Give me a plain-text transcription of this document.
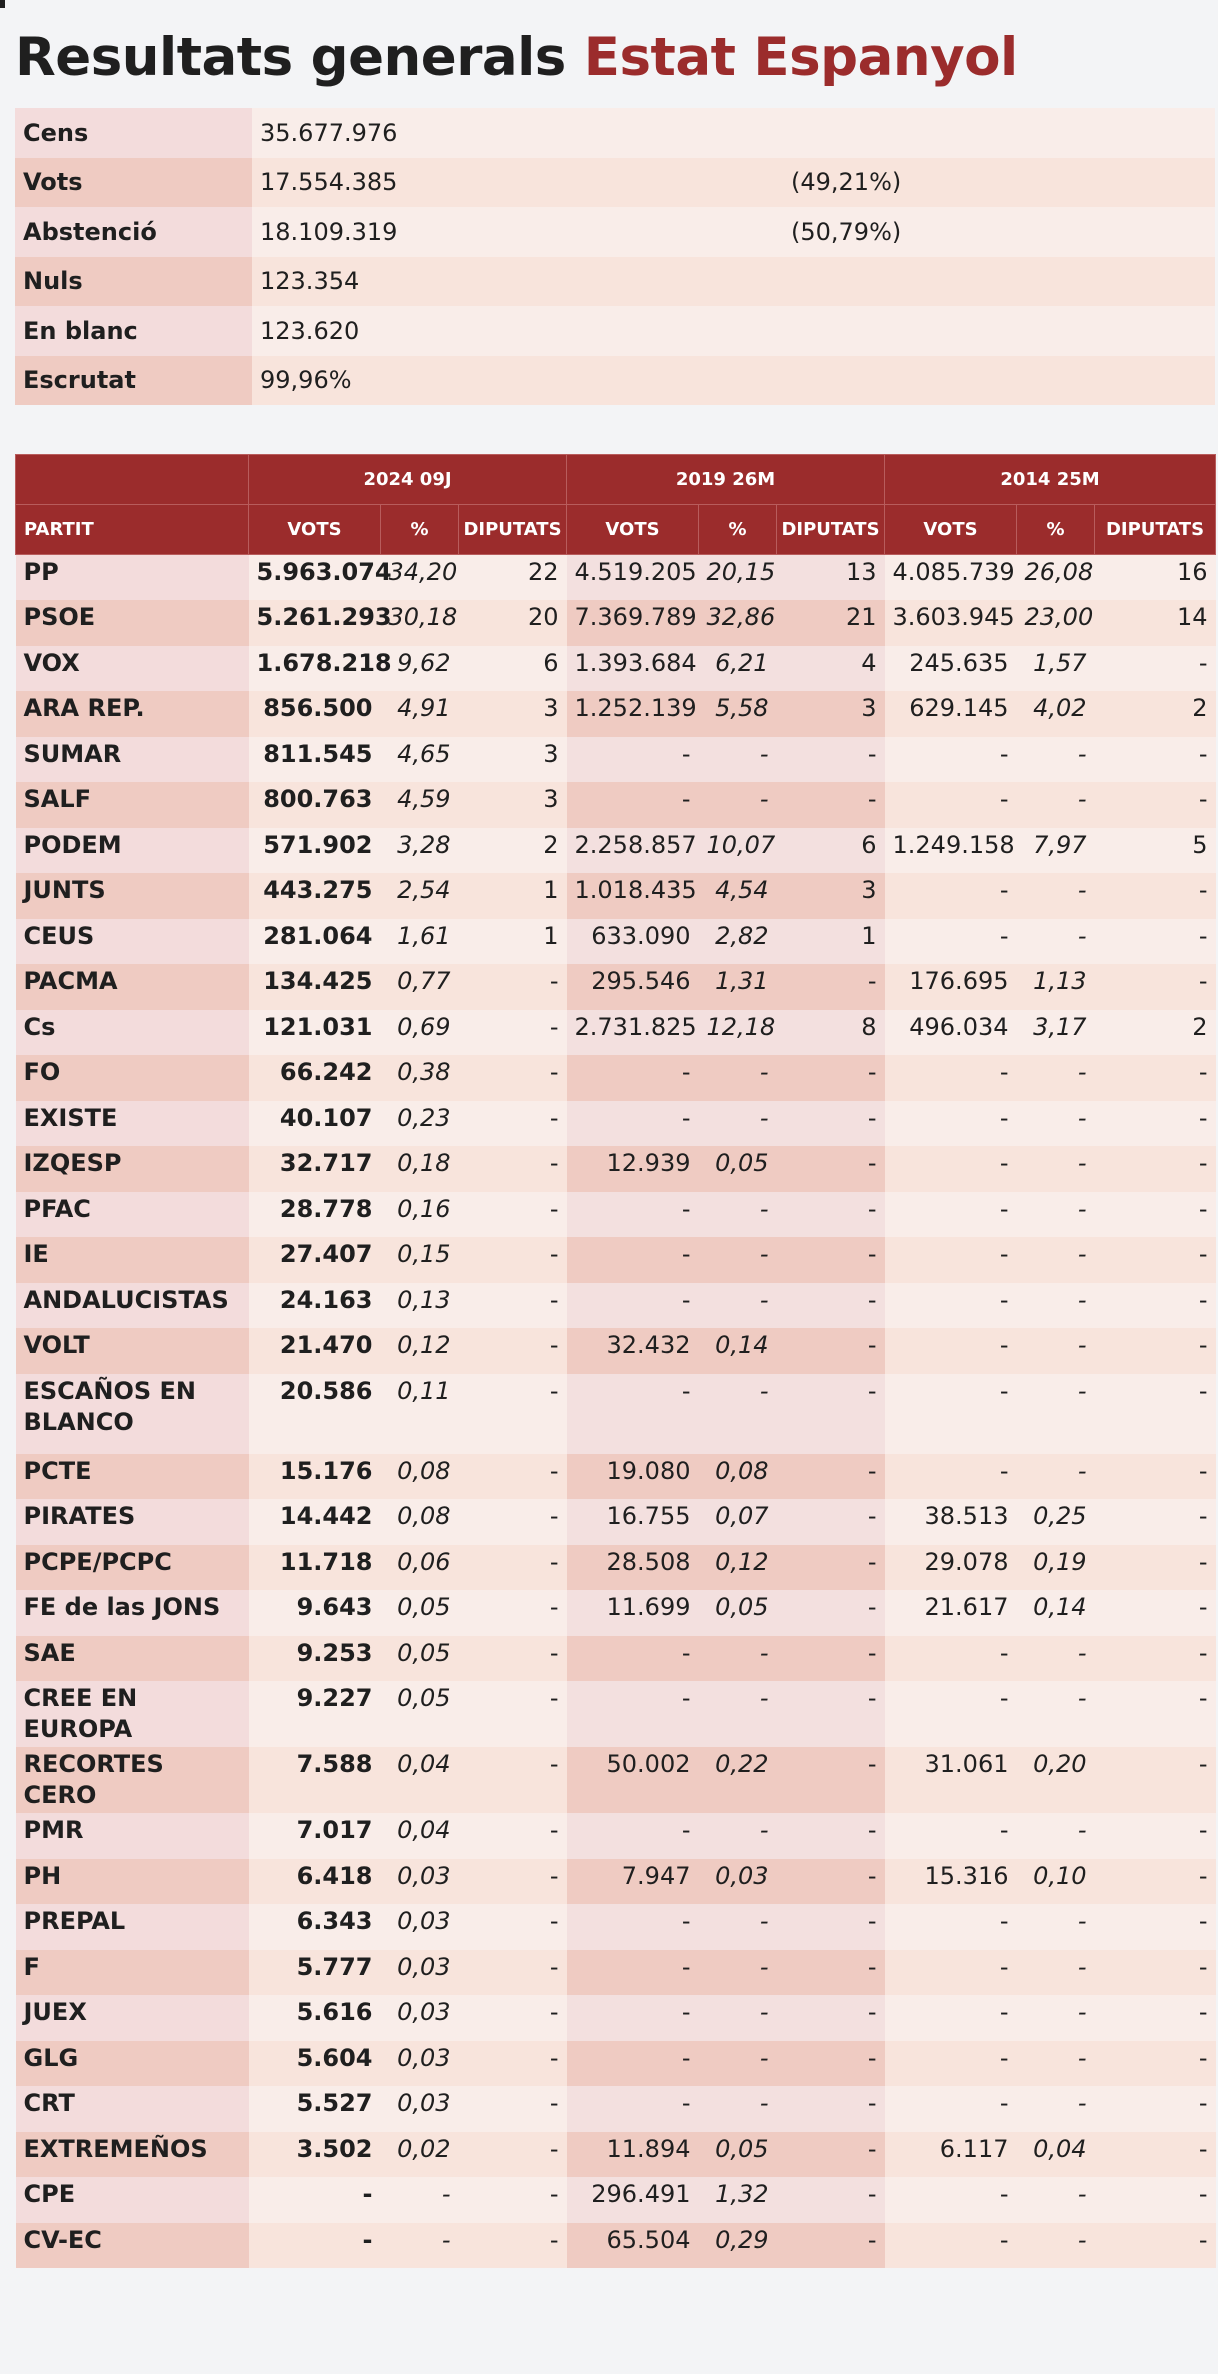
Resultats generals Estat Espanyol
Cens	35.677.976		
Vots	17.554.385	(49,21%)	
Abstenció	18.109.319	(50,79%)	
Nuls	123.354		
En blanc	123.620		
Escrutat	99,96%		
	2024 09J			2019 26M			2014 25M		
PARTIT	VOTS	%	DIPUTATS	VOTS	%	DIPUTATS	VOTS	%	DIPUTATS
PP	5.963.074	34,20	22	4.519.205	20,15	13	4.085.739	26,08	16
PSOE	5.261.293	30,18	20	7.369.789	32,86	21	3.603.945	23,00	14
VOX	1.678.218	9,62	6	1.393.684	6,21	4	245.635	1,57	-
ARA REP.	856.500	4,91	3	1.252.139	5,58	3	629.145	4,02	2
SUMAR	811.545	4,65	3	-	-	-	-	-	-
SALF	800.763	4,59	3	-	-	-	-	-	-
PODEM	571.902	3,28	2	2.258.857	10,07	6	1.249.158	7,97	5
JUNTS	443.275	2,54	1	1.018.435	4,54	3	-	-	-
CEUS	281.064	1,61	1	633.090	2,82	1	-	-	-
PACMA	134.425	0,77	-	295.546	1,31	-	176.695	1,13	-
Cs	121.031	0,69	-	2.731.825	12,18	8	496.034	3,17	2
FO	66.242	0,38	-	-	-	-	-	-	-
EXISTE	40.107	0,23	-	-	-	-	-	-	-
IZQESP	32.717	0,18	-	12.939	0,05	-	-	-	-
PFAC	28.778	0,16	-	-	-	-	-	-	-
IE	27.407	0,15	-	-	-	-	-	-	-
ANDALUCISTAS	24.163	0,13	-	-	-	-	-	-	-
VOLT	21.470	0,12	-	32.432	0,14	-	-	-	-
ESCAÑOS EN BLANCO	20.586	0,11	-	-	-	-	-	-	-
PCTE	15.176	0,08	-	19.080	0,08	-	-	-	-
PIRATES	14.442	0,08	-	16.755	0,07	-	38.513	0,25	-
PCPE/PCPC	11.718	0,06	-	28.508	0,12	-	29.078	0,19	-
FE de las JONS	9.643	0,05	-	11.699	0,05	-	21.617	0,14	-
SAE	9.253	0,05	-	-	-	-	-	-	-
CREE EN EUROPA	9.227	0,05	-	-	-	-	-	-	-
RECORTES CERO	7.588	0,04	-	50.002	0,22	-	31.061	0,20	-
PMR	7.017	0,04	-	-	-	-	-	-	-
PH	6.418	0,03	-	7.947	0,03	-	15.316	0,10	-
PREPAL	6.343	0,03	-	-	-	-	-	-	-
F	5.777	0,03	-	-	-	-	-	-	-
JUEX	5.616	0,03	-	-	-	-	-	-	-
GLG	5.604	0,03	-	-	-	-	-	-	-
CRT	5.527	0,03	-	-	-	-	-	-	-
EXTREMEÑOS	3.502	0,02	-	11.894	0,05	-	6.117	0,04	-
CPE	-	-	-	296.491	1,32	-	-	-	-
CV-EC	-	-	-	65.504	0,29	-	-	-	-
